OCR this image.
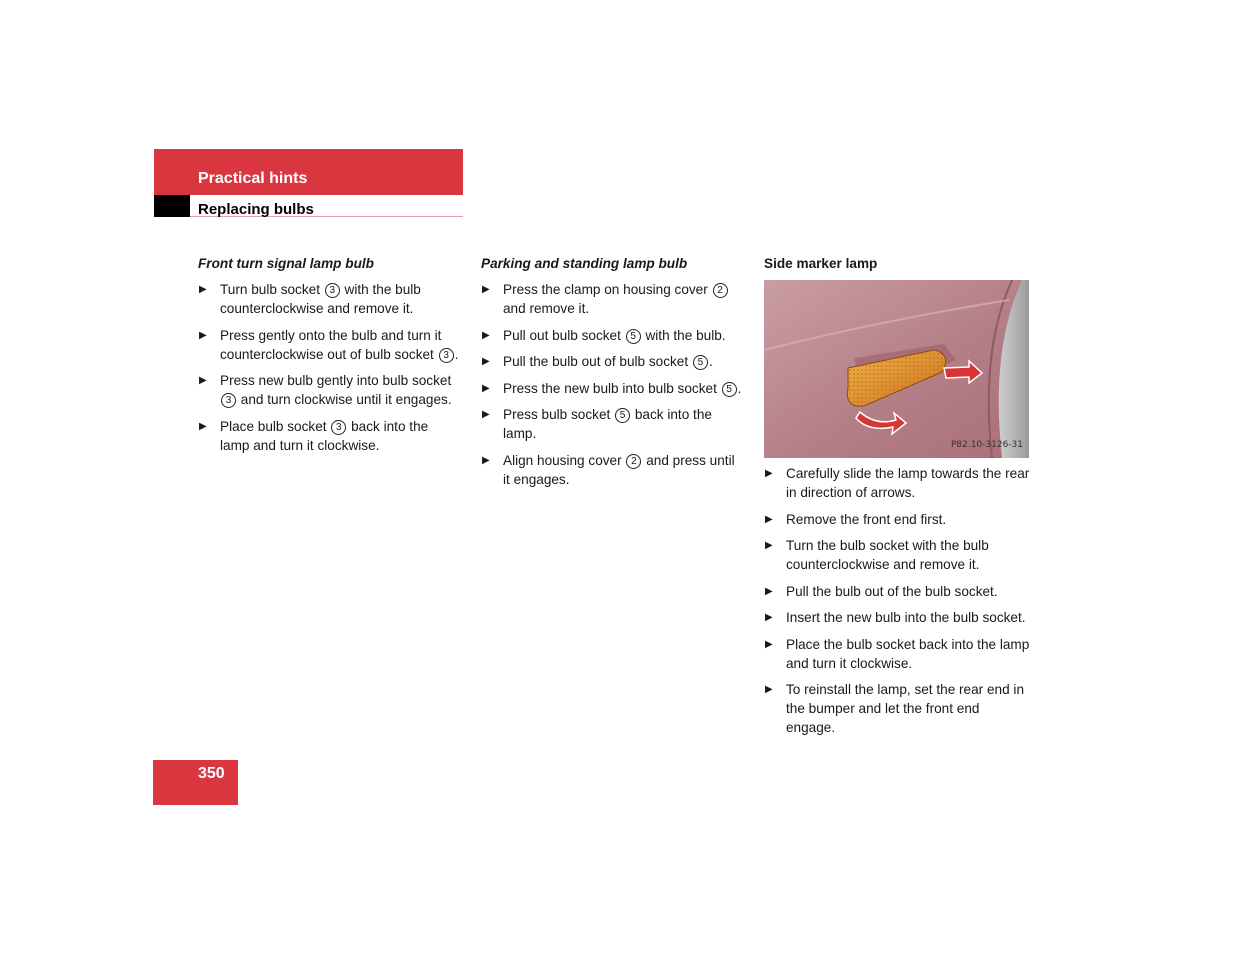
Practical hints
Replacing bulbs
Front turn signal lamp bulb
▶ Turn bulb socket 3 with the bulb counterclockwise and remove it.
▶ Press gently onto the bulb and turn it counterclockwise out of bulb socket 3 .
▶ Press new bulb gently into bulb socket 3 and turn clockwise until it engages.
▶ Place bulb socket 3 back into the lamp and turn it clockwise.
Parking and standing lamp bulb
▶ Press the clamp on housing cover 2 and remove it.
▶ Pull out bulb socket 5 with the bulb.
▶ Pull the bulb out of bulb socket 5 .
▶ Press the new bulb into bulb socket 5 .
▶ Press bulb socket 5 back into the lamp.
▶ Align housing cover 2 and press until it engages.
Side marker lamp
P82.10-3126-31
▶ Carefully slide the lamp towards the rear in direction of arrows.
▶ Remove the front end first.
▶ Turn the bulb socket with the bulb counterclockwise and remove it.
▶ Pull the bulb out of the bulb socket.
▶ Insert the new bulb into the bulb socket.
▶ Place the bulb socket back into the lamp and turn it clockwise.
▶ To reinstall the lamp, set the rear end in the bumper and let the front end engage.
350
